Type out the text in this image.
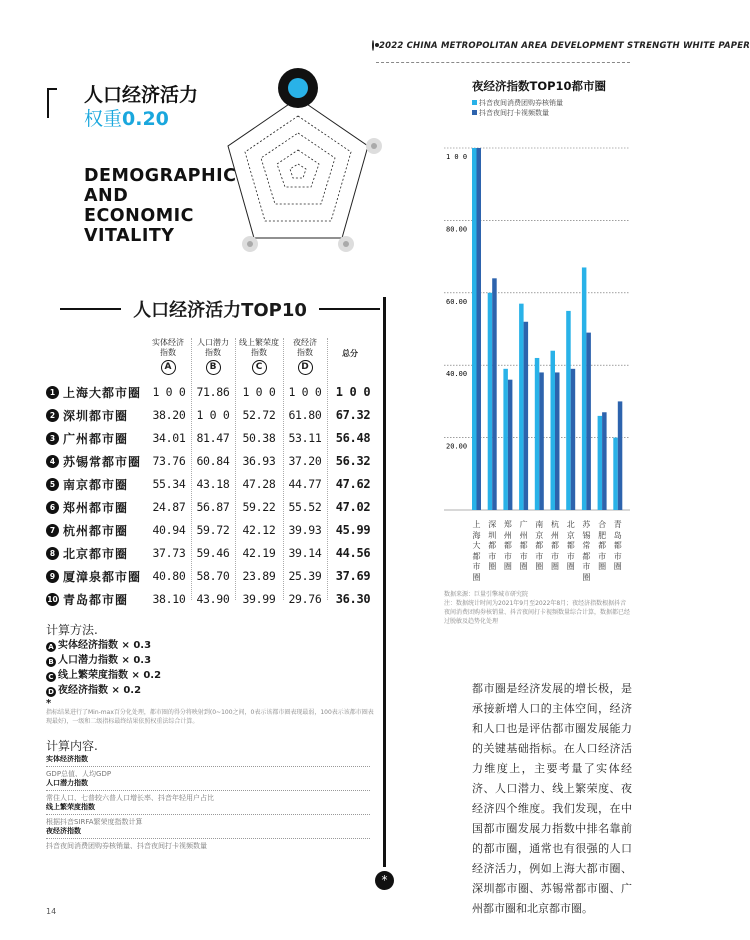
2022 CHINA METROPOLITAN AREA DEVELOPMENT STRENGTH WHITE PAPER
人口经济活力
权重0.20
DEMOGRAPHIC
AND
ECONOMIC
VITALITY
人口经济活力TOP10
实体经济
指数
A
人口潜力
指数
B
线上繁荣度
指数
C
夜经济
指数
D
总分
1 上海大都市圈 1 0 0 71.86	1 0 0	1 0 0	1 0 0
2 深圳都市圈	38.20 1 0 0	52.72	61.80	67.32
3 广州都市圈	34.01 81.47	50.38	53.11	56.48
4 苏锡常都市圈 73.76 60.84	36.93	37.20	56.32
5 南京都市圈	55.34 43.18	47.28	44.77	47.62
6 郑州都市圈	24.87 56.87	59.22	55.52	47.02
7 杭州都市圈	40.94 59.72	42.12	39.93	45.99
8 北京都市圈	37.73 59.46	42.19	39.14	44.56
9 厦漳泉都市圈 40.80 58.70	23.89	25.39	37.69
10 青岛都市圈	38.10 43.90	39.99	29.76	36.30
计算方法.
A 实体经济指数 × 0.3
B 人口潜力指数 × 0.3
C 线上繁荣度指数 × 0.2
D 夜经济指数 × 0.2
*
指标结果进行了Min-max百分化处理，都市圈的得分将映射到(0~100之间，0表示该都市圈表现最弱，100表示该都市圈表现最好)，一级和二级指标最终结果依照权重法综合计算。
计算内容.
实体经济指数
GDP总值、人均GDP
人口潜力指数
常住人口、七普较六普人口增长率、抖音年轻用户占比
线上繁荣度指数
根据抖音SIRFA繁荣度指数计算
夜经济指数
抖音夜间消费团购券核销量、抖音夜间打卡视频数量
*
14
夜经济指数TOP10都市圈
抖音夜间消费团购券核销量
抖音夜间打卡视频数量
1 0 0
80.00
60.00
40.00
20.00
上海大都市圈
深圳都市圈
郑州都市圈
广州都市圈
南京都市圈
杭州都市圈
北京都市圈
苏锡常都市圈
合肥都市圈
青岛都市圈
数据来源：巨量引擎城市研究院
注：数据统计时间为2021年9月至2022年8月；夜经济指数根据抖音夜间消费团购券核销量、抖音夜间打卡视频数量综合计算，数据都已经过脱敏及趋势化处理
都市圈是经济发展的增长极，是承接新增人口的主体空间，经济和人口也是评估都市圈发展能力的关键基础指标。在人口经济活力维度上，主要考量了实体经济、人口潜力、线上繁荣度、夜经济四个维度。我们发现，在中国都市圈发展力指数中排名靠前的都市圈，通常也有很强的人口经济活力，例如上海大都市圈、深圳都市圈、苏锡常都市圈、广州都市圈和北京都市圈。
